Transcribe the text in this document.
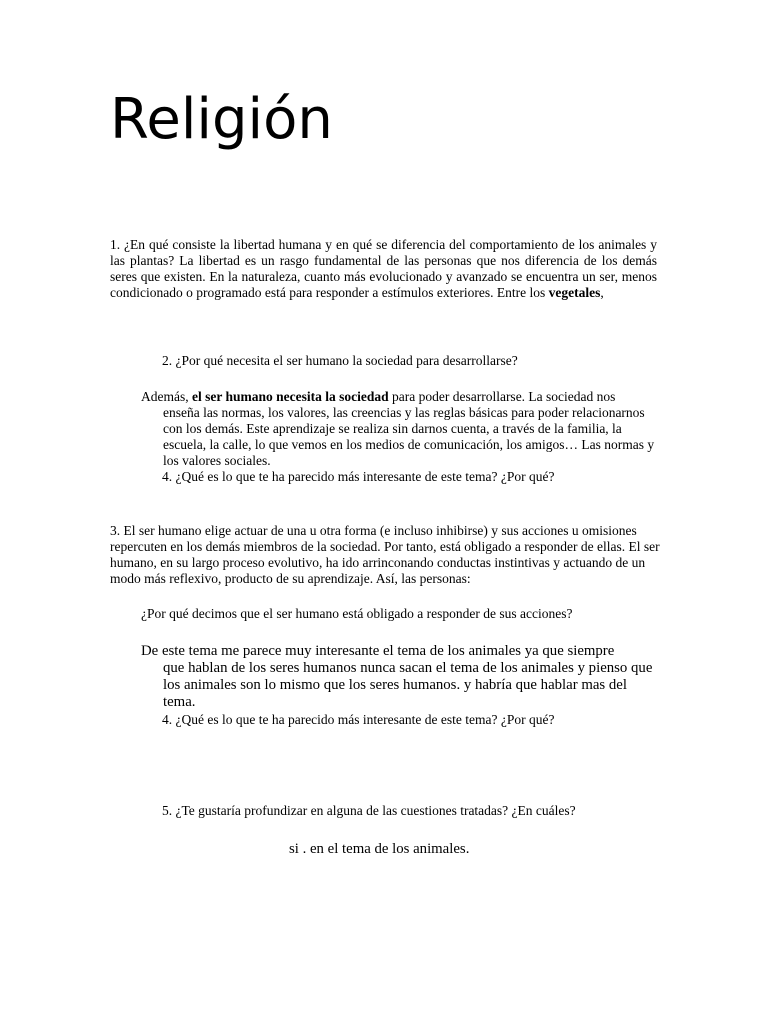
Religión

1. ¿En qué consiste la libertad humana y en qué se diferencia del comportamiento de los animales y las plantas? La libertad es un rasgo fundamental de las personas que nos diferencia de los demás seres que existen. En la naturaleza, cuanto más evolucionado y avanzado se encuentra un ser, menos condicionado o programado está para responder a estímulos exteriores. Entre los vegetales,

2. ¿Por qué necesita el ser humano la sociedad para desarrollarse?

Además, el ser humano necesita la sociedad para poder desarrollarse. La sociedad nos
enseña las normas, los valores, las creencias y las reglas básicas para poder relacionarnos con los demás. Este aprendizaje se realiza sin darnos cuenta, a través de la familia, la escuela, la calle, lo que vemos en los medios de comunicación, los amigos… Las normas y los valores sociales.

4. ¿Qué es lo que te ha parecido más interesante de este tema? ¿Por qué?

3. El ser humano elige actuar de una u otra forma (e incluso inhibirse) y sus acciones u omisiones repercuten en los demás miembros de la sociedad. Por tanto, está obligado a responder de ellas. El ser humano, en su largo proceso evolutivo, ha ido arrinconando conductas instintivas y actuando de un modo más reflexivo, producto de su aprendizaje. Así, las personas:

¿Por qué decimos que el ser humano está obligado a responder de sus acciones?

De este tema me parece muy interesante el tema de los animales ya que siempre
que hablan de los seres humanos nunca sacan el tema de los animales y pienso que los animales son lo mismo que los seres humanos. y habría que hablar mas del tema.

4. ¿Qué es lo que te ha parecido más interesante de este tema? ¿Por qué?

5. ¿Te gustaría profundizar en alguna de las cuestiones tratadas? ¿En cuáles?

si . en el tema de los animales.
